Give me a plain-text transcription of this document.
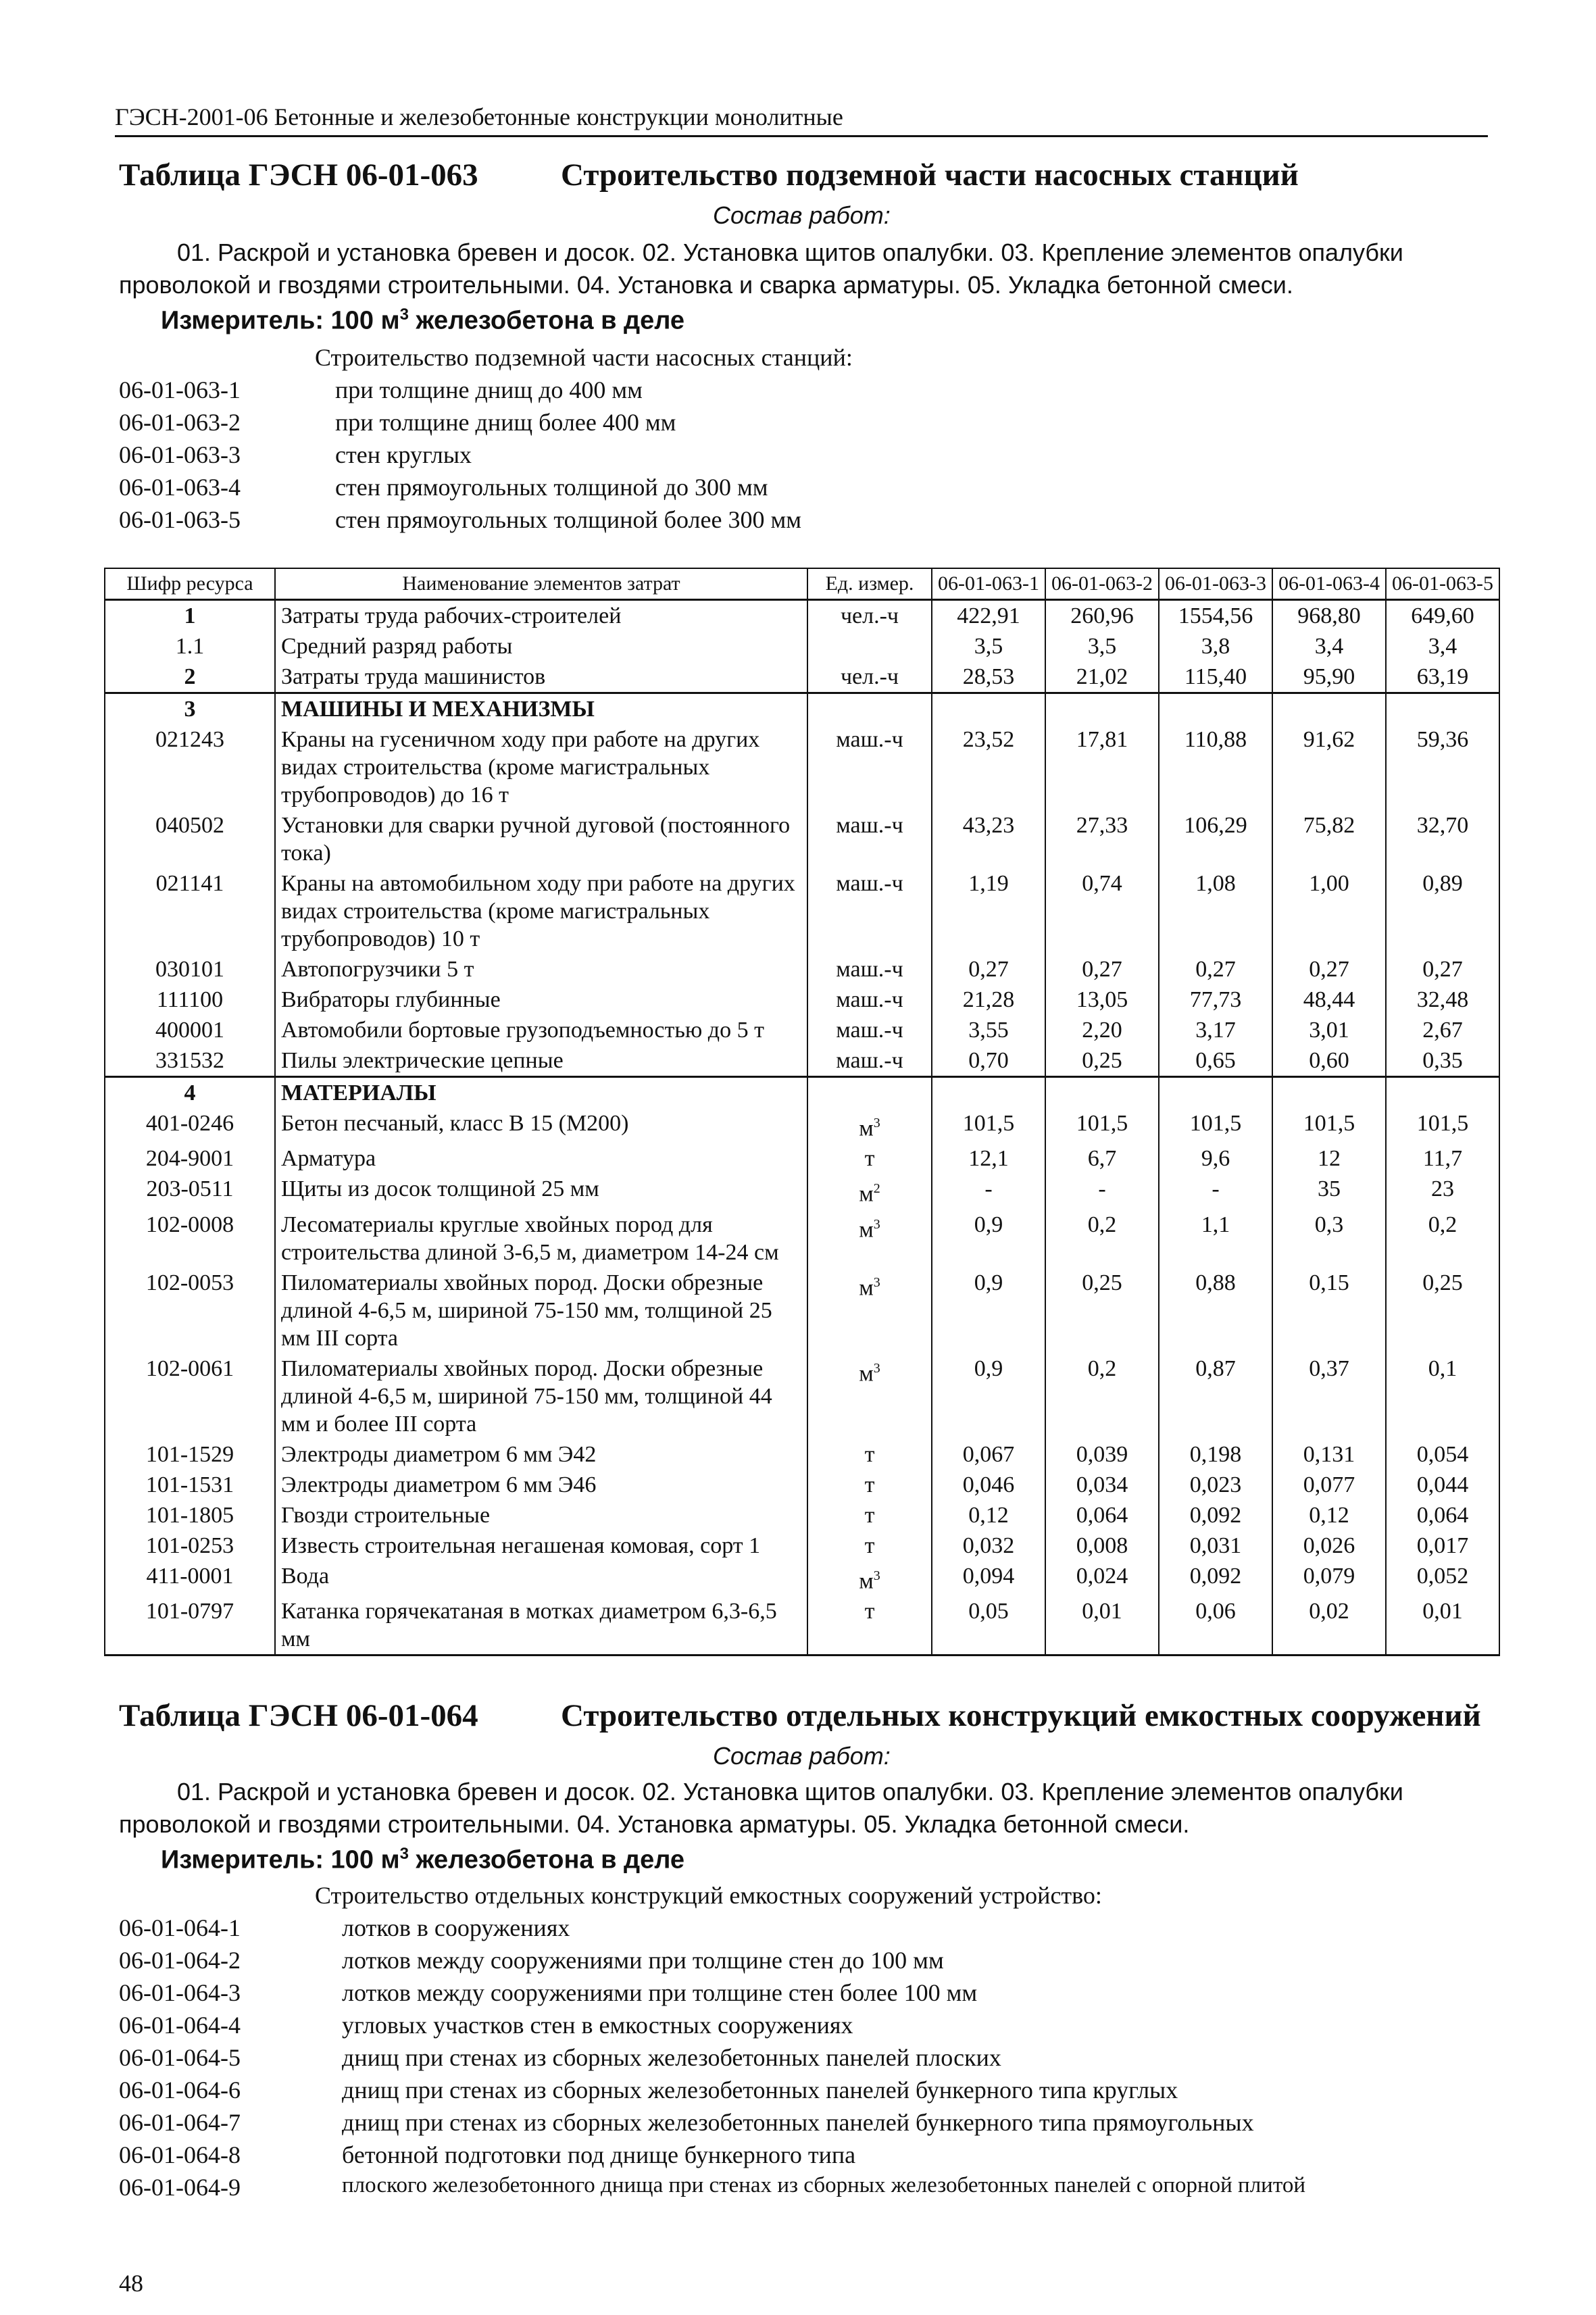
ГЭСН-2001-06 Бетонные и железобетонные конструкции монолитные
Таблица ГЭСН 06-01-063	Строительство подземной части насосных станций
Состав работ:
01. Раскрой и установка бревен и досок. 02. Установка щитов опалубки. 03. Крепление элементов опалубки
проволокой и гвоздями строительными. 04. Установка и сварка арматуры. 05. Укладка бетонной смеси.
Измеритель: 100 $м^3$ железобетона в деле
Строительство подземной части насосных станций:
06-01-063-1	при толщине днищ до 400 мм
06-01-063-2	при толщине днищ более 400 мм
06-01-063-3	стен круглых
06-01-063-4	стен прямоугольных толщиной до 300 мм
06-01-063-5	стен прямоугольных толщиной более 300 мм
Шифр ресурса	Наименование элементов затрат	Ед. измер.	06-01-063-1	06-01-063-2	06-01-063-3	06-01-063-4	06-01-063-5
1	Затраты труда рабочих-строителей	чел.-ч	422,91	260,96	1554,56	968,80	649,60
1.1	Средний разряд работы		3,5	3,5	3,8	3,4	3,4
2	Затраты труда машинистов	чел.-ч	28,53	21,02	115,40	95,90	63,19
3	МАШИНЫ И МЕХАНИЗМЫ						
021243	Краны на гусеничном ходу при работе на других видах строительства (кроме магистральных трубопроводов) до 16 т	маш.-ч	23,52	17,81	110,88	91,62	59,36
040502	Установки для сварки ручной дуговой (постоянного тока)	маш.-ч	43,23	27,33	106,29	75,82	32,70
021141	Краны на автомобильном ходу при работе на других видах строительства (кроме магистральных трубопроводов) 10 т	маш.-ч	1,19	0,74	1,08	1,00	0,89
030101	Автопогрузчики 5 т	маш.-ч	0,27	0,27	0,27	0,27	0,27
111100	Вибраторы глубинные	маш.-ч	21,28	13,05	77,73	48,44	32,48
400001	Автомобили бортовые грузоподъемностью до 5 т	маш.-ч	3,55	2,20	3,17	3,01	2,67
331532	Пилы электрические цепные	маш.-ч	0,70	0,25	0,65	0,60	0,35
4	МАТЕРИАЛЫ						
401-0246	Бетон песчаный, класс В 15 (М200)	$м^3$	101,5	101,5	101,5	101,5	101,5
204-9001	Арматура	т	12,1	6,7	9,6	12	11,7
203-0511	Щиты из досок толщиной 25 мм	$м^2$	-	-	-	35	23
102-0008	Лесоматериалы круглые хвойных пород для строительства длиной 3-6,5 м, диаметром 14-24 см	$м^3$	0,9	0,2	1,1	0,3	0,2
102-0053	Пиломатериалы хвойных пород. Доски обрезные длиной 4-6,5 м, шириной 75-150 мм, толщиной 25 мм III сорта	$м^3$	0,9	0,25	0,88	0,15	0,25
102-0061	Пиломатериалы хвойных пород. Доски обрезные длиной 4-6,5 м, шириной 75-150 мм, толщиной 44 мм и более III сорта	$м^3$	0,9	0,2	0,87	0,37	0,1
101-1529	Электроды диаметром 6 мм Э42	т	0,067	0,039	0,198	0,131	0,054
101-1531	Электроды диаметром 6 мм Э46	т	0,046	0,034	0,023	0,077	0,044
101-1805	Гвозди строительные	т	0,12	0,064	0,092	0,12	0,064
101-0253	Известь строительная негашеная комовая, сорт 1	т	0,032	0,008	0,031	0,026	0,017
411-0001	Вода	$м^3$	0,094	0,024	0,092	0,079	0,052
101-0797	Катанка горячекатаная в мотках диаметром 6,3-6,5 мм	т	0,05	0,01	0,06	0,02	0,01
Таблица ГЭСН 06-01-064	Строительство отдельных конструкций емкостных сооружений
Состав работ:
01. Раскрой и установка бревен и досок. 02. Установка щитов опалубки. 03. Крепление элементов опалубки
проволокой и гвоздями строительными. 04. Установка арматуры. 05. Укладка бетонной смеси.
Измеритель: 100 $м^3$ железобетона в деле
Строительство отдельных конструкций емкостных сооружений устройство:
06-01-064-1	лотков в сооружениях
06-01-064-2	лотков между сооружениями при толщине стен до 100 мм
06-01-064-3	лотков между сооружениями при толщине стен более 100 мм
06-01-064-4	угловых участков стен в емкостных сооружениях
06-01-064-5	днищ при стенах из сборных железобетонных панелей плоских
06-01-064-6	днищ при стенах из сборных железобетонных панелей бункерного типа круглых
06-01-064-7	днищ при стенах из сборных железобетонных панелей бункерного типа прямоугольных
06-01-064-8	бетонной подготовки под днище бункерного типа
06-01-064-9	плоского железобетонного днища при стенах из сборных железобетонных панелей с опорной плитой
48
